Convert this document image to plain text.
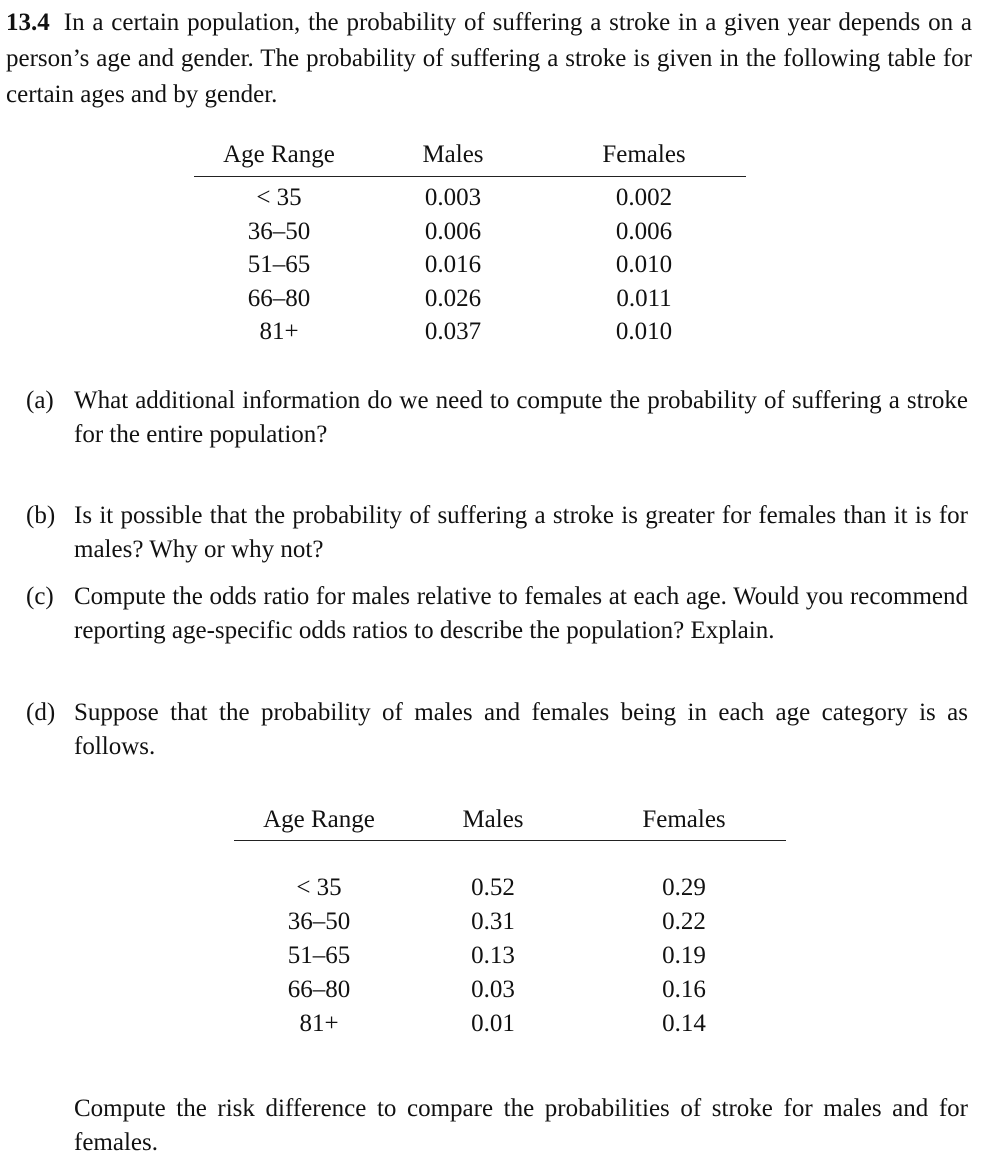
13.4 In a certain population, the probability of suffering a stroke in a given year depends on a person’s age and gender. The probability of suffering a stroke is given in the following table for certain ages and by gender.

Age Range	Males	Females
< 35	0.003	0.002
36–50	0.006	0.006
51–65	0.016	0.010
66–80	0.026	0.011
81+	0.037	0.010
(a) What additional information do we need to compute the probability of suffering a stroke for the entire population?
(b) Is it possible that the probability of suffering a stroke is greater for females than it is for males? Why or why not?
(c) Compute the odds ratio for males relative to females at each age. Would you recommend reporting age-specific odds ratios to describe the population? Explain.
(d) Suppose that the probability of males and females being in each age category is as follows.
Age Range	Males	Females

< 35	0.52	0.29
36–50	0.31	0.22
51–65	0.13	0.19
66–80	0.03	0.16
81+	0.01	0.14

Compute the risk difference to compare the probabilities of stroke for males and for females.
